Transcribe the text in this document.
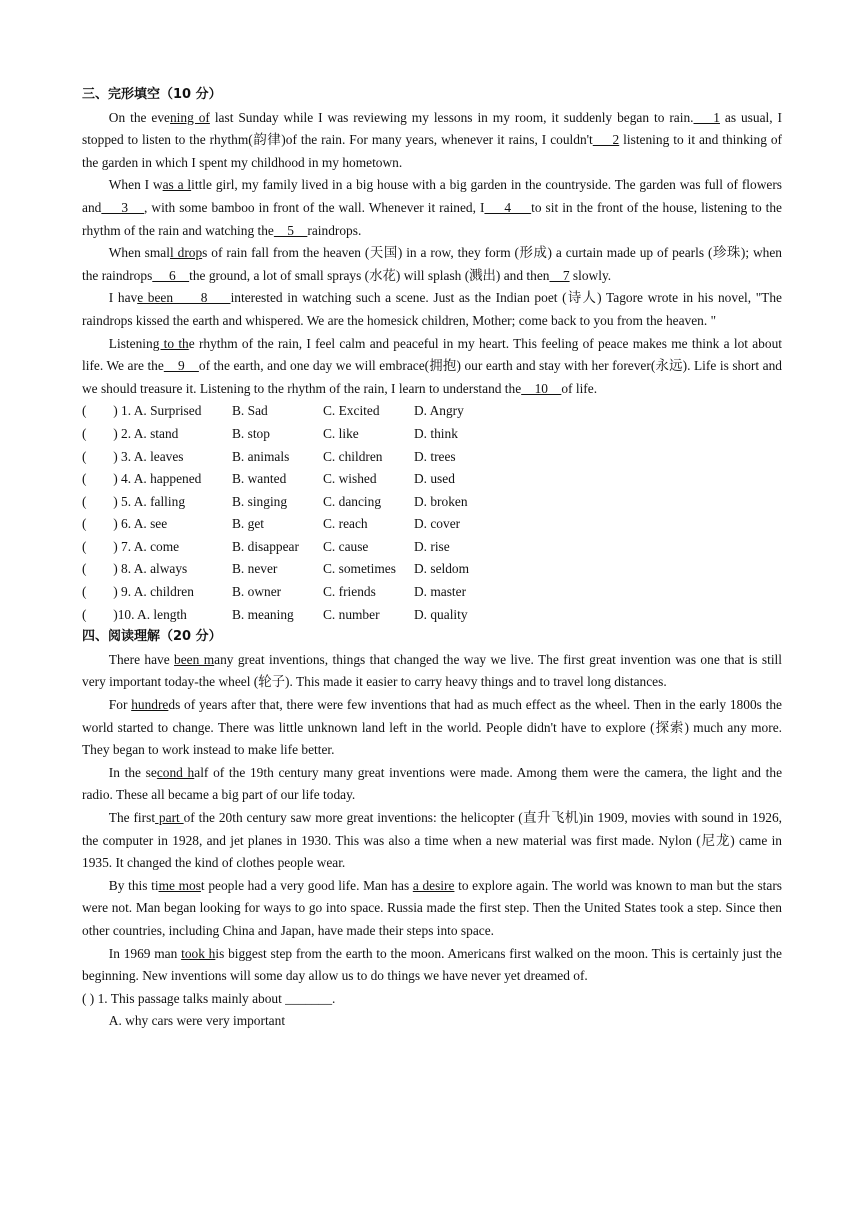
三、完形填空（10 分）

On the evening of last Sunday while I was reviewing my lessons in my room, it suddenly began to rain.    1 as usual, I stopped to listen to the rhythm(韵律)of the rain. For many years, whenever it rains, I couldn't     2 listening to it and thinking of the garden in which I spent my childhood in my hometown.

When I was a little girl, my family lived in a big house with a big garden in the countryside. The garden was full of flowers and     3    , with some bamboo in front of the wall. Whenever it rained, I     4     to sit in the front of the house, listening to the rhythm of the rain and watching the    5    raindrops.

When small drops of rain fall from the heaven (天国) in a row, they form (形成) a curtain made up of pearls (珍珠); when the raindrops     6    the ground, a lot of small sprays (水花) will splash (溅出) and then    7 slowly.

I have been      8     interested in watching such a scene. Just as the Indian poet (诗人) Tagore wrote in his novel, "The raindrops kissed the earth and whispered. We are the homesick children, Mother; come back to you from the heaven. "

Listening to the rhythm of the rain, I feel calm and peaceful in my heart. This feeling of peace makes me think a lot about life. We are the    9    of the earth, and one day we will embrace(拥抱) our earth and stay with her forever(永远). Life is short and we should treasure it. Listening to the rhythm of the rain, I learn to understand the    10    of life.

(        ) 1. A. Surprised	B. Sad	C. Excited	D. Angry
(        ) 2. A. stand	B. stop	C. like	D. think
(        ) 3. A. leaves	B. animals	C. children	D. trees
(        ) 4. A. happened	B. wanted	C. wished	D. used
(        ) 5. A. falling	B. singing	C. dancing	D. broken
(        ) 6. A. see	B. get	C. reach	D. cover
(        ) 7. A. come	B. disappear	C. cause	D. rise
(        ) 8. A. always	B. never	C. sometimes	D. seldom
(        ) 9. A. children	B. owner	C. friends	D. master
(        )10. A. length	B. meaning	C. number	D. quality
四、阅读理解（20 分）

There have been many great inventions, things that changed the way we live. The first great invention was one that is still very important today-the wheel (轮子). This made it easier to carry heavy things and to travel long distances.

For hundreds of years after that, there were few inventions that had as much effect as the wheel. Then in the early 1800s the world started to change. There was little unknown land left in the world. People didn't have to explore (探索) much any more. They began to work instead to make life better.

In the second half of the 19th century many great inventions were made. Among them were the camera, the light and the radio. These all became a big part of our life today.

The first part of the 20th century saw more great inventions: the helicopter (直升飞机)in 1909, movies with sound in 1926, the computer in 1928, and jet planes in 1930. This was also a time when a new material was first made. Nylon (尼龙) came in 1935. It changed the kind of clothes people wear.

By this time most people had a very good life. Man has a desire to explore again. The world was known to man but the stars were not. Man began looking for ways to go into space. Russia made the first step. Then the United States took a step. Since then other countries, including China and Japan, have made their steps into space.

In 1969 man took his biggest step from the earth to the moon. Americans first walked on the moon. This is certainly just the beginning. New inventions will some day allow us to do things we have never yet dreamed of.

( ) 1. This passage talks mainly about _______.
A. why cars were very important
